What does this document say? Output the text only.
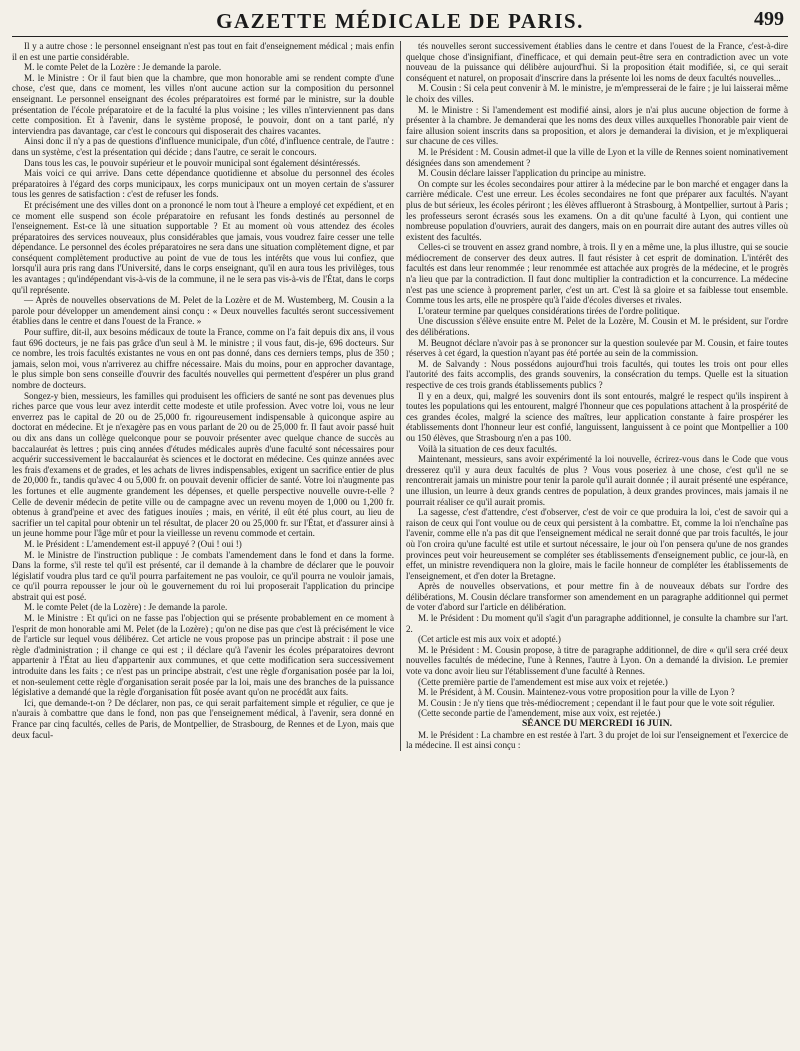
GAZETTE MÉDICALE DE PARIS.	499

Il y a autre chose : le personnel enseignant n'est pas tout en fait d'enseignement médical ; mais enfin il en est une partie considérable.

M. le comte Pelet de la Lozère : Je demande la parole.

M. le Ministre : Or il faut bien que la chambre, que mon honorable ami se rendent compte d'une chose, c'est que, dans ce moment, les villes n'ont aucune action sur la composition du personnel enseignant. Le personnel enseignant des écoles préparatoires est formé par le ministre, sur la double présentation de l'école préparatoire et de la faculté la plus voisine ; les villes n'interviennent pas dans cette composition. Et à l'avenir, dans le système proposé, le pouvoir, dont on a tant parlé, n'y interviendra pas davantage, car c'est le concours qui disposerait des chaires vacantes.

Ainsi donc il n'y a pas de questions d'influence municipale, d'un côté, d'influence centrale, de l'autre : dans un système, c'est la présentation qui décide ; dans l'autre, ce serait le concours.

Dans tous les cas, le pouvoir supérieur et le pouvoir municipal sont également désintéressés.

Mais voici ce qui arrive. Dans cette dépendance quotidienne et absolue du personnel des écoles préparatoires à l'égard des corps municipaux, les corps municipaux ont un moyen certain de s'assurer tous les genres de satisfaction : c'est de refuser les fonds.

Et précisément une des villes dont on a prononcé le nom tout à l'heure a employé cet expédient, et en ce moment elle suspend son école préparatoire en refusant les fonds destinés au personnel de l'enseignement. Est-ce là une situation supportable ? Et au moment où vous attendez des écoles préparatoires des services nouveaux, plus considérables que jamais, vous voudrez faire cesser une telle dépendance. Le personnel des écoles préparatoires ne sera dans une situation complètement digne, et par conséquent complètement productive au point de vue de tous les intérêts que vous lui confiez, que lorsqu'il aura pris rang dans l'Université, dans le corps enseignant, qu'il en aura tous les privilèges, tous les avantages ; qu'indépendant vis-à-vis de la commune, il ne le sera pas vis-à-vis de l'État, dans le corps qu'il représente.

— Après de nouvelles observations de M. Pelet de la Lozère et de M. Wustemberg, M. Cousin a la parole pour développer un amendement ainsi conçu : « Deux nouvelles facultés seront successivement établies dans le centre et dans l'ouest de la France. »

Pour suffire, dit-il, aux besoins médicaux de toute la France, comme on l'a fait depuis dix ans, il vous faut 696 docteurs, je ne fais pas grâce d'un seul à M. le ministre ; il vous faut, dis-je, 696 docteurs. Sur ce nombre, les trois facultés existantes ne vous en ont pas donné, dans ces derniers temps, plus de 350 ; jamais, selon moi, vous n'arriverez au chiffre nécessaire. Mais du moins, pour en approcher davantage, le plus simple bon sens conseille d'ouvrir des facultés nouvelles qui permettent d'espérer un plus grand nombre de docteurs.

Songez-y bien, messieurs, les familles qui produisent les officiers de santé ne sont pas devenues plus riches parce que vous leur avez interdit cette modeste et utile profession. Avec votre loi, vous ne leur enverrez pas le capital de 20 ou de 25,000 fr. rigoureusement indispensable à quiconque aspire au doctorat en médecine. Et je n'exagère pas en vous parlant de 20 ou de 25,000 fr. Il faut avoir passé huit ou dix ans dans un collège quelconque pour se pouvoir présenter avec quelque chance de succès au baccalauréat ès lettres ; puis cinq années d'études médicales auprès d'une faculté sont nécessaires pour acquérir successivement le baccalauréat ès sciences et le doctorat en médecine. Ces quinze années avec les frais d'examens et de grades, et les achats de livres indispensables, exigent un sacrifice entier de plus de 20,000 fr., tandis qu'avec 4 ou 5,000 fr. on pouvait devenir officier de santé. Votre loi n'augmente pas les fortunes et elle augmente grandement les dépenses, et quelle perspective nouvelle ouvre-t-elle ? Celle de devenir médecin de petite ville ou de campagne avec un revenu moyen de 1,000 ou 1,200 fr. obtenus à grand'peine et avec des fatigues inouïes ; mais, en vérité, il eût été plus court, au lieu de sacrifier un tel capital pour obtenir un tel résultat, de placer 20 ou 25,000 fr. sur l'État, et d'assurer ainsi à un jeune homme pour l'âge mûr et pour la vieillesse un revenu commode et certain.

M. le Président : L'amendement est-il appuyé ? (Oui ! oui !)

M. le Ministre de l'instruction publique : Je combats l'amendement dans le fond et dans la forme. Dans la forme, s'il reste tel qu'il est présenté, car il demande à la chambre de déclarer que le pouvoir législatif voudra plus tard ce qu'il pourra parfaitement ne pas vouloir, ce qu'il pourra ne vouloir jamais, ce qu'il pourra repousser le jour où le gouvernement du roi lui proposerait l'application du principe abstrait qui est posé.

M. le comte Pelet (de la Lozère) : Je demande la parole.

M. le Ministre : Et qu'ici on ne fasse pas l'objection qui se présente probablement en ce moment à l'esprit de mon honorable ami M. Pelet (de la Lozère) ; qu'on ne dise pas que c'est là précisément le vice de l'article sur lequel vous délibérez. Cet article ne vous propose pas un principe abstrait : il pose une règle d'administration ; il change ce qui est ; il déclare qu'à l'avenir les écoles préparatoires devront appartenir à l'État au lieu d'appartenir aux communes, et que cette modification sera successivement introduite dans les faits ; ce n'est pas un principe abstrait, c'est une règle d'organisation posée par la loi, et non-seulement cette règle d'organisation serait posée par la loi, mais une des branches de la puissance législative a demandé que la règle d'organisation fût posée avant qu'on ne procédât aux faits.

Ici, que demande-t-on ? De déclarer, non pas, ce qui serait parfaitement simple et régulier, ce que je n'aurais à combattre que dans le fond, non pas que l'enseignement médical, à l'avenir, sera donné en France par cinq facultés, celles de Paris, de Montpellier, de Strasbourg, de Rennes et de Lyon, mais que deux facul-

tés nouvelles seront successivement établies dans le centre et dans l'ouest de la France, c'est-à-dire quelque chose d'insignifiant, d'inefficace, et qui demain peut-être sera en contradiction avec un vote nouveau de la puissance qui délibère aujourd'hui. Si la proposition était modifiée, si, ce qui serait conséquent et naturel, on proposait d'inscrire dans la présente loi les noms de deux facultés nouvelles...

M. Cousin : Si cela peut convenir à M. le ministre, je m'empresserai de le faire ; je lui laisserai même le choix des villes.

M. le Ministre : Si l'amendement est modifié ainsi, alors je n'ai plus aucune objection de forme à présenter à la chambre. Je demanderai que les noms des deux villes auxquelles l'honorable pair vient de faire allusion soient inscrits dans sa proposition, et alors je demanderai la division, et je m'expliquerai sur chacune de ces villes.

M. le Président : M. Cousin admet-il que la ville de Lyon et la ville de Rennes soient nominativement désignées dans son amendement ?

M. Cousin déclare laisser l'application du principe au ministre.

On compte sur les écoles secondaires pour attirer à la médecine par le bon marché et engager dans la carrière médicale. C'est une erreur. Les écoles secondaires ne font que préparer aux facultés. N'ayant plus de but sérieux, les écoles périront ; les élèves afflueront à Strasbourg, à Montpellier, surtout à Paris ; les professeurs seront écrasés sous les examens. On a dit qu'une faculté à Lyon, qui contient une nombreuse population d'ouvriers, aurait des dangers, mais on en pourrait dire autant des autres villes où existent des facultés.

Celles-ci se trouvent en assez grand nombre, à trois. Il y en a même une, la plus illustre, qui se soucie médiocrement de conserver des deux autres. Il faut résister à cet esprit de domination. L'intérêt des facultés est dans leur renommée ; leur renommée est attachée aux progrès de la médecine, et le progrès n'a lieu que par la contradiction. Il faut donc multiplier la contradiction et la concurrence. La médecine n'est pas une science à proprement parler, c'est un art. C'est là sa gloire et sa faiblesse tout ensemble. Comme tous les arts, elle ne prospère qu'à l'aide d'écoles diverses et rivales.

L'orateur termine par quelques considérations tirées de l'ordre politique.

Une discussion s'élève ensuite entre M. Pelet de la Lozère, M. Cousin et M. le président, sur l'ordre des délibérations.

M. Beugnot déclare n'avoir pas à se prononcer sur la question soulevée par M. Cousin, et faire toutes réserves à cet égard, la question n'ayant pas été portée au sein de la commission.

M. de Salvandy : Nous possédons aujourd'hui trois facultés, qui toutes les trois ont pour elles l'autorité des faits accomplis, des grands souvenirs, la consécration du temps. Quelle est la situation respective de ces trois grands établissements publics ?

Il y en a deux, qui, malgré les souvenirs dont ils sont entourés, malgré le respect qu'ils inspirent à toutes les populations qui les entourent, malgré l'honneur que ces populations attachent à la prospérité de ces grandes écoles, malgré la science des maîtres, leur application constante à faire prospérer les établissements dont l'honneur leur est confié, languissent, languissent à ce point que Montpellier a 100 ou 150 élèves, que Strasbourg n'en a pas 100.

Voilà la situation de ces deux facultés.

Maintenant, messieurs, sans avoir expérimenté la loi nouvelle, écrirez-vous dans le Code que vous dresserez qu'il y aura deux facultés de plus ? Vous vous poseriez à une chose, c'est qu'il ne se rencontrerait jamais un ministre pour tenir la parole qu'il aurait donnée ; il aurait présenté une espérance, une illusion, un leurre à deux grands centres de population, à deux grandes provinces, mais jamais il ne pourrait réaliser ce qu'il aurait promis.

La sagesse, c'est d'attendre, c'est d'observer, c'est de voir ce que produira la loi, c'est de savoir qui a raison de ceux qui l'ont voulue ou de ceux qui persistent à la combattre. Et, comme la loi n'enchaîne pas l'avenir, comme elle n'a pas dit que l'enseignement médical ne serait donné que par trois facultés, le jour où l'on croira qu'une faculté est utile et surtout nécessaire, le jour où l'on pensera qu'une de nos grandes provinces peut voir heureusement se compléter ses établissements d'enseignement public, ce jour-là, en effet, un ministre revendiquera non la gloire, mais le facile honneur de compléter les établissements de l'enseignement, et d'en doter la Bretagne.

Après de nouvelles observations, et pour mettre fin à de nouveaux débats sur l'ordre des délibérations, M. Cousin déclare transformer son amendement en un paragraphe additionnel qui permet de voter d'abord sur l'article en délibération.

M. le Président : Du moment qu'il s'agit d'un paragraphe additionnel, je consulte la chambre sur l'art. 2.

(Cet article est mis aux voix et adopté.)

M. le Président : M. Cousin propose, à titre de paragraphe additionnel, de dire « qu'il sera créé deux nouvelles facultés de médecine, l'une à Rennes, l'autre à Lyon. On a demandé la division. Le premier vote va donc avoir lieu sur l'établissement d'une faculté à Rennes.

(Cette première partie de l'amendement est mise aux voix et rejetée.)

M. le Président, à M. Cousin. Maintenez-vous votre proposition pour la ville de Lyon ?

M. Cousin : Je n'y tiens que très-médiocrement ; cependant il le faut pour que le vote soit régulier.

(Cette seconde partie de l'amendement, mise aux voix, est rejetée.)

SÉANCE DU MERCREDI 16 JUIN.

M. le Président : La chambre en est restée à l'art. 3 du projet de loi sur l'enseignement et l'exercice de la médecine. Il est ainsi conçu :
